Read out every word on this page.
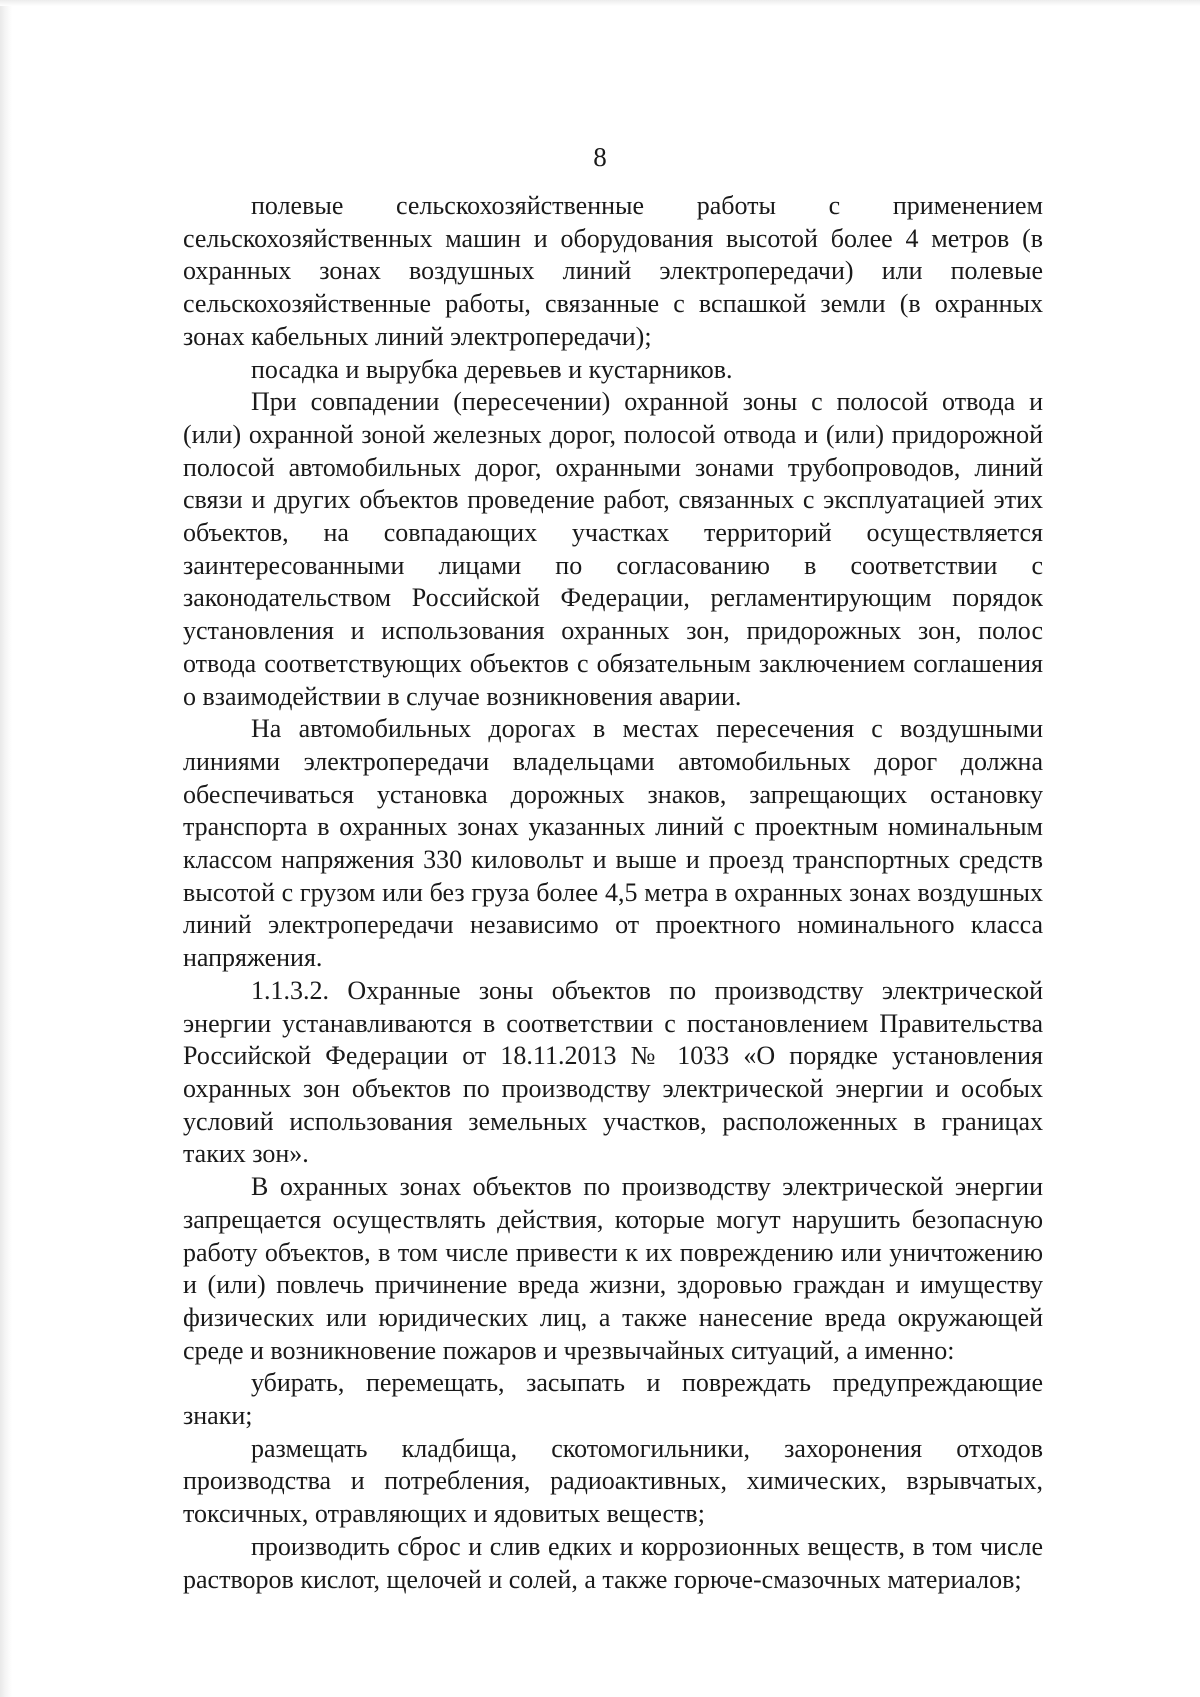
8

полевые сельскохозяйственные работы с применением сельскохозяйственных машин и оборудования высотой более 4 метров (в охранных зонах воздушных линий электропередачи) или полевые сельскохозяйственные работы, связанные с вспашкой земли (в охранных зонах кабельных линий электропередачи);

посадка и вырубка деревьев и кустарников.

При совпадении (пересечении) охранной зоны с полосой отвода и (или) охранной зоной железных дорог, полосой отвода и (или) придорожной полосой автомобильных дорог, охранными зонами трубопроводов, линий связи и других объектов проведение работ, связанных с эксплуатацией этих объектов, на совпадающих участках территорий осуществляется заинтересованными лицами по согласованию в соответствии с законодательством Российской Федерации, регламентирующим порядок установления и использования охранных зон, придорожных зон, полос отвода соответствующих объектов с обязательным заключением соглашения о взаимодействии в случае возникновения аварии.

На автомобильных дорогах в местах пересечения с воздушными линиями электропередачи владельцами автомобильных дорог должна обеспечиваться установка дорожных знаков, запрещающих остановку транспорта в охранных зонах указанных линий с проектным номинальным классом напряжения 330 киловольт и выше и проезд транспортных средств высотой с грузом или без груза более 4,5 метра в охранных зонах воздушных линий электропередачи независимо от проектного номинального класса напряжения.

1.1.3.2. Охранные зоны объектов по производству электрической энергии устанавливаются в соответствии с постановлением Правительства Российской Федерации от 18.11.2013 № 1033 «О порядке установления охранных зон объектов по производству электрической энергии и особых условий использования земельных участков, расположенных в границах таких зон».

В охранных зонах объектов по производству электрической энергии запрещается осуществлять действия, которые могут нарушить безопасную работу объектов, в том числе привести к их повреждению или уничтожению и (или) повлечь причинение вреда жизни, здоровью граждан и имуществу физических или юридических лиц, а также нанесение вреда окружающей среде и возникновение пожаров и чрезвычайных ситуаций, а именно:

убирать, перемещать, засыпать и повреждать предупреждающие знаки;

размещать кладбища, скотомогильники, захоронения отходов производства и потребления, радиоактивных, химических, взрывчатых, токсичных, отравляющих и ядовитых веществ;

производить сброс и слив едких и коррозионных веществ, в том числе растворов кислот, щелочей и солей, а также горюче-смазочных материалов;
